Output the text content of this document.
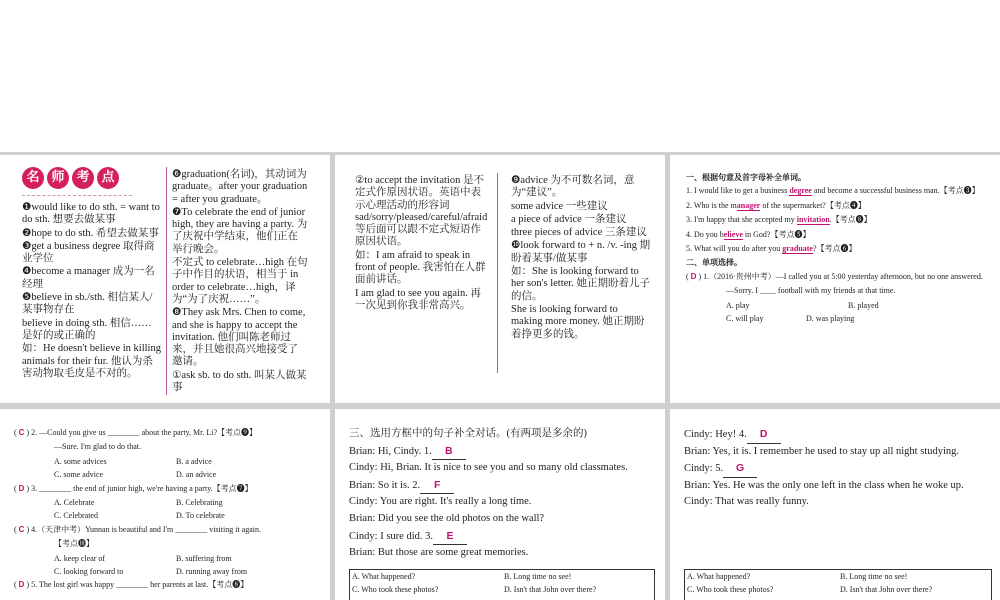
名 师 考 点
❶would like to do sth. = want to do sth. 想要去做某事
❷hope to do sth. 希望去做某事
❸get a business degree 取得商业学位
❹become a manager 成为一名经理
❺believe in sb./sth. 相信某人/某事物存在
believe in doing sth. 相信……是好的或正确的
如：He doesn't believe in killing animals for their fur. 他认为杀害动物取毛皮是不对的。
❻graduation(名词)，其动词为 graduate。after your graduation = after you graduate。
❼To celebrate the end of junior high, they are having a party. 为了庆祝中学结束，他们正在举行晚会。
不定式 to celebrate…high 在句子中作目的状语，相当于 in order to celebrate…high，译为“为了庆祝……”。
❽They ask Mrs. Chen to come, and she is happy to accept the invitation. 他们叫陈老师过来，并且她很高兴地接受了邀请。
①ask sb. to do sth. 叫某人做某事
②to accept the invitation 是不定式作原因状语。英语中表示心理活动的形容词 sad/sorry/pleased/careful/afraid等后面可以跟不定式短语作原因状语。
如：I am afraid to speak in front of people. 我害怕在人群面前讲话。
I am glad to see you again. 再一次见到你我非常高兴。
❾advice 为不可数名词，意为“建议”。
some advice 一些建议
a piece of advice 一条建议
three pieces of advice 三条建议
❿look forward to + n. /v. -ing 期盼着某事/做某事
如：She is looking forward to her son's letter. 她正期盼着儿子的信。
She is looking forward to making more money. 她正期盼着挣更多的钱。
一、根据句意及首字母补全单词。
1. I would like to get a business degree and become a successful business man.【考点❸】
2. Who is the manager of the supermarket?【考点❹】
3. I'm happy that she accepted my invitation.【考点❽】
4. Do you believe in God?【考点❺】
5. What will you do after you graduate?【考点❻】
二、单项选择。
( D ) 1.（2016·贵州中考）—I called you at 5:00 yesterday afternoon, but no one answered.
—Sorry. I ____ football with my friends at that time.
A. play	B. played
C. will play	D. was playing
( C ) 2. —Could you give us ________ about the party, Mr. Li?【考点❾】
—Sure. I'm glad to do that.
A. some advices	B. a advice
C. some advice	D. an advice
( D ) 3. ________ the end of junior high, we're having a party.【考点❼】
A. Celebrate	B. Celebrating
C. Celebrated	D. To celebrate
( C ) 4.（天津中考）Yunnan is beautiful and I'm ________ visiting it again.
【考点❿】
A. keep clear of	B. suffering from
C. looking forward to	D. running away from
( D ) 5. The lost girl was happy ________ her parents at last.【考点❽】
三、选用方框中的句子补全对话。(有两项是多余的)
Brian: Hi, Cindy. 1. B
Cindy: Hi, Brian. It is nice to see you and so many old classmates.
Brian: So it is. 2. F
Cindy: You are right. It's really a long time.
Brian: Did you see the old photos on the wall?
Cindy: I sure did. 3. E
Brian: But those are some great memories.
A. What happened?	B. Long time no see!
C. Who took these photos?	D. Isn't that John over there?
Cindy: Hey! 4. D
Brian: Yes, it is. I remember he used to stay up all night studying.
Cindy: 5. G
Brian: Yes. He was the only one left in the class when he woke up.
Cindy: That was really funny.
A. What happened?	B. Long time no see!
C. Who took these photos?	D. Isn't that John over there?
